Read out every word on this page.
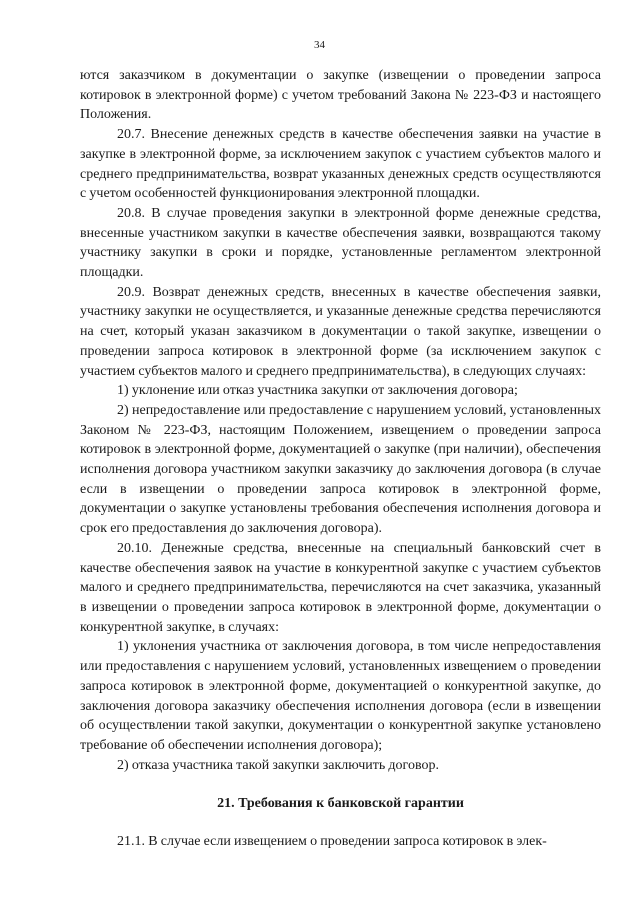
34

ются заказчиком в документации о закупке (извещении о проведении запроса котировок в электронной форме) с учетом требований Закона № 223-ФЗ и настоящего Положения.

20.7. Внесение денежных средств в качестве обеспечения заявки на участие в закупке в электронной форме, за исключением закупок с участием субъектов малого и среднего предпринимательства, возврат указанных денежных средств осуществляются с учетом особенностей функционирования электронной площадки.

20.8. В случае проведения закупки в электронной форме денежные средства, внесенные участником закупки в качестве обеспечения заявки, возвращаются такому участнику закупки в сроки и порядке, установленные регламентом электронной площадки.

20.9. Возврат денежных средств, внесенных в качестве обеспечения заявки, участнику закупки не осуществляется, и указанные денежные средства перечисляются на счет, который указан заказчиком в документации о такой закупке, извещении о проведении запроса котировок в электронной форме (за исключением закупок с участием субъектов малого и среднего предпринимательства), в следующих случаях:

1) уклонение или отказ участника закупки от заключения договора;

2) непредоставление или предоставление с нарушением условий, установленных Законом № 223-ФЗ, настоящим Положением, извещением о проведении запроса котировок в электронной форме, документацией о закупке (при наличии), обеспечения исполнения договора участником закупки заказчику до заключения договора (в случае если в извещении о проведении запроса котировок в электронной форме, документации о закупке установлены требования обеспечения исполнения договора и срок его предоставления до заключения договора).

20.10. Денежные средства, внесенные на специальный банковский счет в качестве обеспечения заявок на участие в конкурентной закупке с участием субъектов малого и среднего предпринимательства, перечисляются на счет заказчика, указанный в извещении о проведении запроса котировок в электронной форме, документации о конкурентной закупке, в случаях:

1) уклонения участника от заключения договора, в том числе непредоставления или предоставления с нарушением условий, установленных извещением о проведении запроса котировок в электронной форме, документацией о конкурентной закупке, до заключения договора заказчику обеспечения исполнения договора (если в извещении об осуществлении такой закупки, документации о конкурентной закупке установлено требование об обеспечении исполнения договора);

2) отказа участника такой закупки заключить договор.

21. Требования к банковской гарантии

21.1. В случае если извещением о проведении запроса котировок в элек-
